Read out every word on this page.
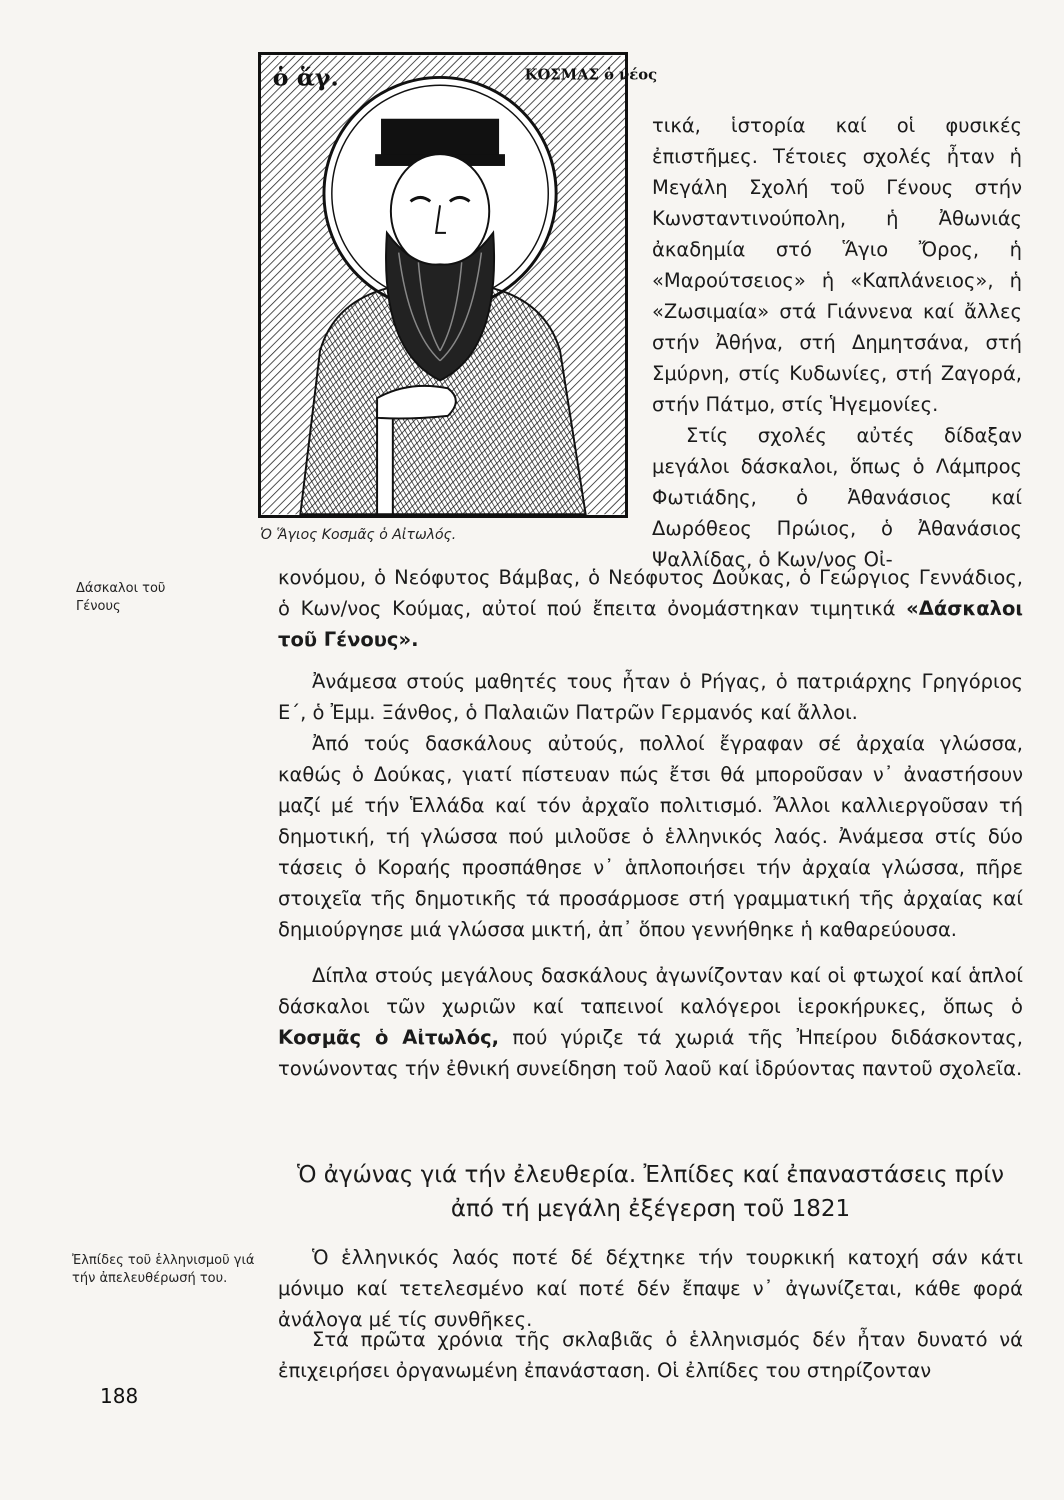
ὁ ἅγ.	ΚΟΣΜΑΣ ὁ νέος
Ὁ Ἅγιος Κοσμᾶς ὁ Αἰτωλός.
Δάσκαλοι τοῦ Γένους
Ἐλπίδες τοῦ ἑλληνισμοῦ γιά τήν ἀπελευθέρωσή του.
188

τικά, ἱστορία καί οἱ φυσικές ἐπιστῆμες. Τέτοιες σχολές ἦταν ἡ Μεγάλη Σχολή τοῦ Γένους στήν Κωνσταντινούπολη, ἡ Ἀθωνιάς ἀκαδημία στό Ἅγιο Ὄρος, ἡ «Μαρούτσειος» ἡ «Καπλάνειος», ἡ «Ζωσιμαία» στά Γιάννενα καί ἄλλες στήν Ἀθήνα, στή Δημητσάνα, στή Σμύρνη, στίς Κυδωνίες, στή Ζαγορά, στήν Πάτμο, στίς Ἡγεμονίες.
Στίς σχολές αὐτές δίδαξαν μεγάλοι δάσκαλοι, ὅπως ὁ Λάμπρος Φωτιάδης, ὁ Ἀθανάσιος καί Δωρόθεος Πρώιος, ὁ Ἀθανάσιος Ψαλλίδας, ὁ Κων/νος Οἰ-

κονόμου, ὁ Νεόφυτος Βάμβας, ὁ Νεόφυτος Δούκας, ὁ Γεώργιος Γεννάδιος, ὁ Κων/νος Κούμας, αὐτοί πού ἔπειτα ὀνομάστηκαν τιμητικά «Δάσκαλοι τοῦ Γένους».

Ἀνάμεσα στούς μαθητές τους ἦταν ὁ Ρήγας, ὁ πατριάρχης Γρηγόριος Ε΄, ὁ Ἐμμ. Ξάνθος, ὁ Παλαιῶν Πατρῶν Γερμανός καί ἄλλοι.

Ἀπό τούς δασκάλους αὐτούς, πολλοί ἔγραφαν σέ ἀρχαία γλώσσα, καθώς ὁ Δούκας, γιατί πίστευαν πώς ἔτσι θά μποροῦσαν ν᾿ ἀναστήσουν μαζί μέ τήν Ἑλλάδα καί τόν ἀρχαῖο πολιτισμό. Ἄλλοι καλλιεργοῦσαν τή δημοτική, τή γλώσσα πού μιλοῦσε ὁ ἑλληνικός λαός. Ἀνάμεσα στίς δύο τάσεις ὁ Κοραής προσπάθησε ν᾿ ἁπλοποιήσει τήν ἀρχαία γλώσσα, πῆρε στοιχεῖα τῆς δημοτικῆς τά προσάρμοσε στή γραμματική τῆς ἀρχαίας καί δημιούργησε μιά γλώσσα μικτή, ἀπ᾿ ὅπου γεννήθηκε ἡ καθαρεύουσα.

Δίπλα στούς μεγάλους δασκάλους ἀγωνίζονταν καί οἱ φτωχοί καί ἁπλοί δάσκαλοι τῶν χωριῶν καί ταπεινοί καλόγεροι ἱεροκήρυκες, ὅπως ὁ Κοσμᾶς ὁ Αἰτωλός, πού γύριζε τά χωριά τῆς Ἠπείρου διδάσκοντας, τονώνοντας τήν ἐθνική συνείδηση τοῦ λαοῦ καί ἱδρύοντας παντοῦ σχολεῖα.

Ὁ ἀγώνας γιά τήν ἐλευθερία. Ἐλπίδες καί ἐπαναστάσεις πρίν ἀπό τή μεγάλη ἐξέγερση τοῦ 1821

Ὁ ἑλληνικός λαός ποτέ δέ δέχτηκε τήν τουρκική κατοχή σάν κάτι μόνιμο καί τετελεσμένο καί ποτέ δέν ἔπαψε ν᾿ ἀγωνίζεται, κάθε φορά ἀνάλογα μέ τίς συνθῆκες.

Στά πρῶτα χρόνια τῆς σκλαβιᾶς ὁ ἑλληνισμός δέν ἦταν δυνατό νά ἐπιχειρήσει ὀργανωμένη ἐπανάσταση. Οἱ ἐλπίδες του στηρίζονταν
